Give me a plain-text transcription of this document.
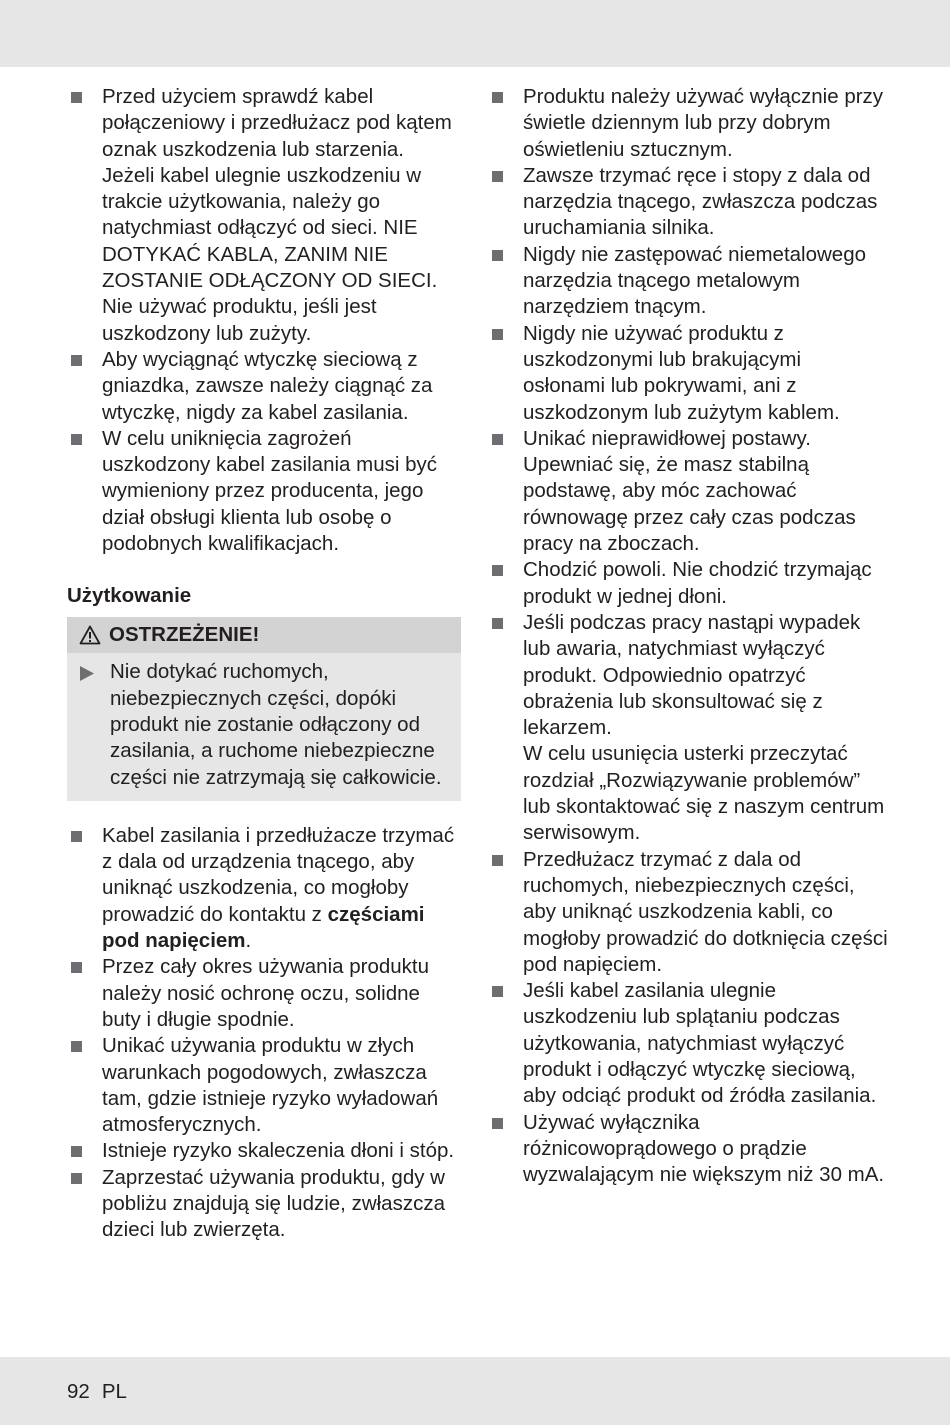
Przed użyciem sprawdź kabel połączeniowy i przedłużacz pod kątem oznak uszkodzenia lub starzenia. Jeżeli kabel ulegnie uszkodzeniu w trakcie użytkowania, należy go natychmiast odłączyć od sieci. NIE DOTYKAĆ KABLA, ZANIM NIE ZOSTANIE ODŁĄCZONY OD SIECI. Nie używać produktu, jeśli jest uszkodzony lub zużyty.
Aby wyciągnąć wtyczkę sieciową z gniazdka, zawsze należy ciągnąć za wtyczkę, nigdy za kabel zasilania.
W celu uniknięcia zagrożeń uszkodzony kabel zasilania musi być wymieniony przez producenta, jego dział obsługi klienta lub osobę o podobnych kwalifikacjach.
Użytkowanie
OSTRZEŻENIE!
Nie dotykać ruchomych, niebezpiecznych części, dopóki produkt nie zostanie odłączony od zasilania, a ruchome niebezpieczne części nie zatrzymają się całkowicie.
Kabel zasilania i przedłużacze trzymać z dala od urządzenia tnącego, aby uniknąć uszkodzenia, co mogłoby prowadzić do kontaktu z częściami pod napięciem.
Przez cały okres używania produktu należy nosić ochronę oczu, solidne buty i długie spodnie.
Unikać używania produktu w złych warunkach pogodowych, zwłaszcza tam, gdzie istnieje ryzyko wyładowań atmosferycznych.
Istnieje ryzyko skaleczenia dłoni i stóp.
Zaprzestać używania produktu, gdy w pobliżu znajdują się ludzie, zwłaszcza dzieci lub zwierzęta.
Produktu należy używać wyłącznie przy świetle dziennym lub przy dobrym oświetleniu sztucznym.
Zawsze trzymać ręce i stopy z dala od narzędzia tnącego, zwłaszcza podczas uruchamiania silnika.
Nigdy nie zastępować niemetalowego narzędzia tnącego metalowym narzędziem tnącym.
Nigdy nie używać produktu z uszkodzonymi lub brakującymi osłonami lub pokrywami, ani z uszkodzonym lub zużytym kablem.
Unikać nieprawidłowej postawy. Upewniać się, że masz stabilną podstawę, aby móc zachować równowagę przez cały czas podczas pracy na zboczach.
Chodzić powoli. Nie chodzić trzymając produkt w jednej dłoni.
Jeśli podczas pracy nastąpi wypadek lub awaria, natychmiast wyłączyć produkt. Odpowiednio opatrzyć obrażenia lub skonsultować się z lekarzem.
W celu usunięcia usterki przeczytać rozdział „Rozwiązywanie problemów” lub skontaktować się z naszym centrum serwisowym.
Przedłużacz trzymać z dala od ruchomych, niebezpiecznych części, aby uniknąć uszkodzenia kabli, co mogłoby prowadzić do dotknięcia części pod napięciem.
Jeśli kabel zasilania ulegnie uszkodzeniu lub splątaniu podczas użytkowania, natychmiast wyłączyć produkt i odłączyć wtyczkę sieciową, aby odciąć produkt od źródła zasilania.
Używać wyłącznika różnicowoprądowego o prądzie wyzwalającym nie większym niż 30 mA.
92 PL
